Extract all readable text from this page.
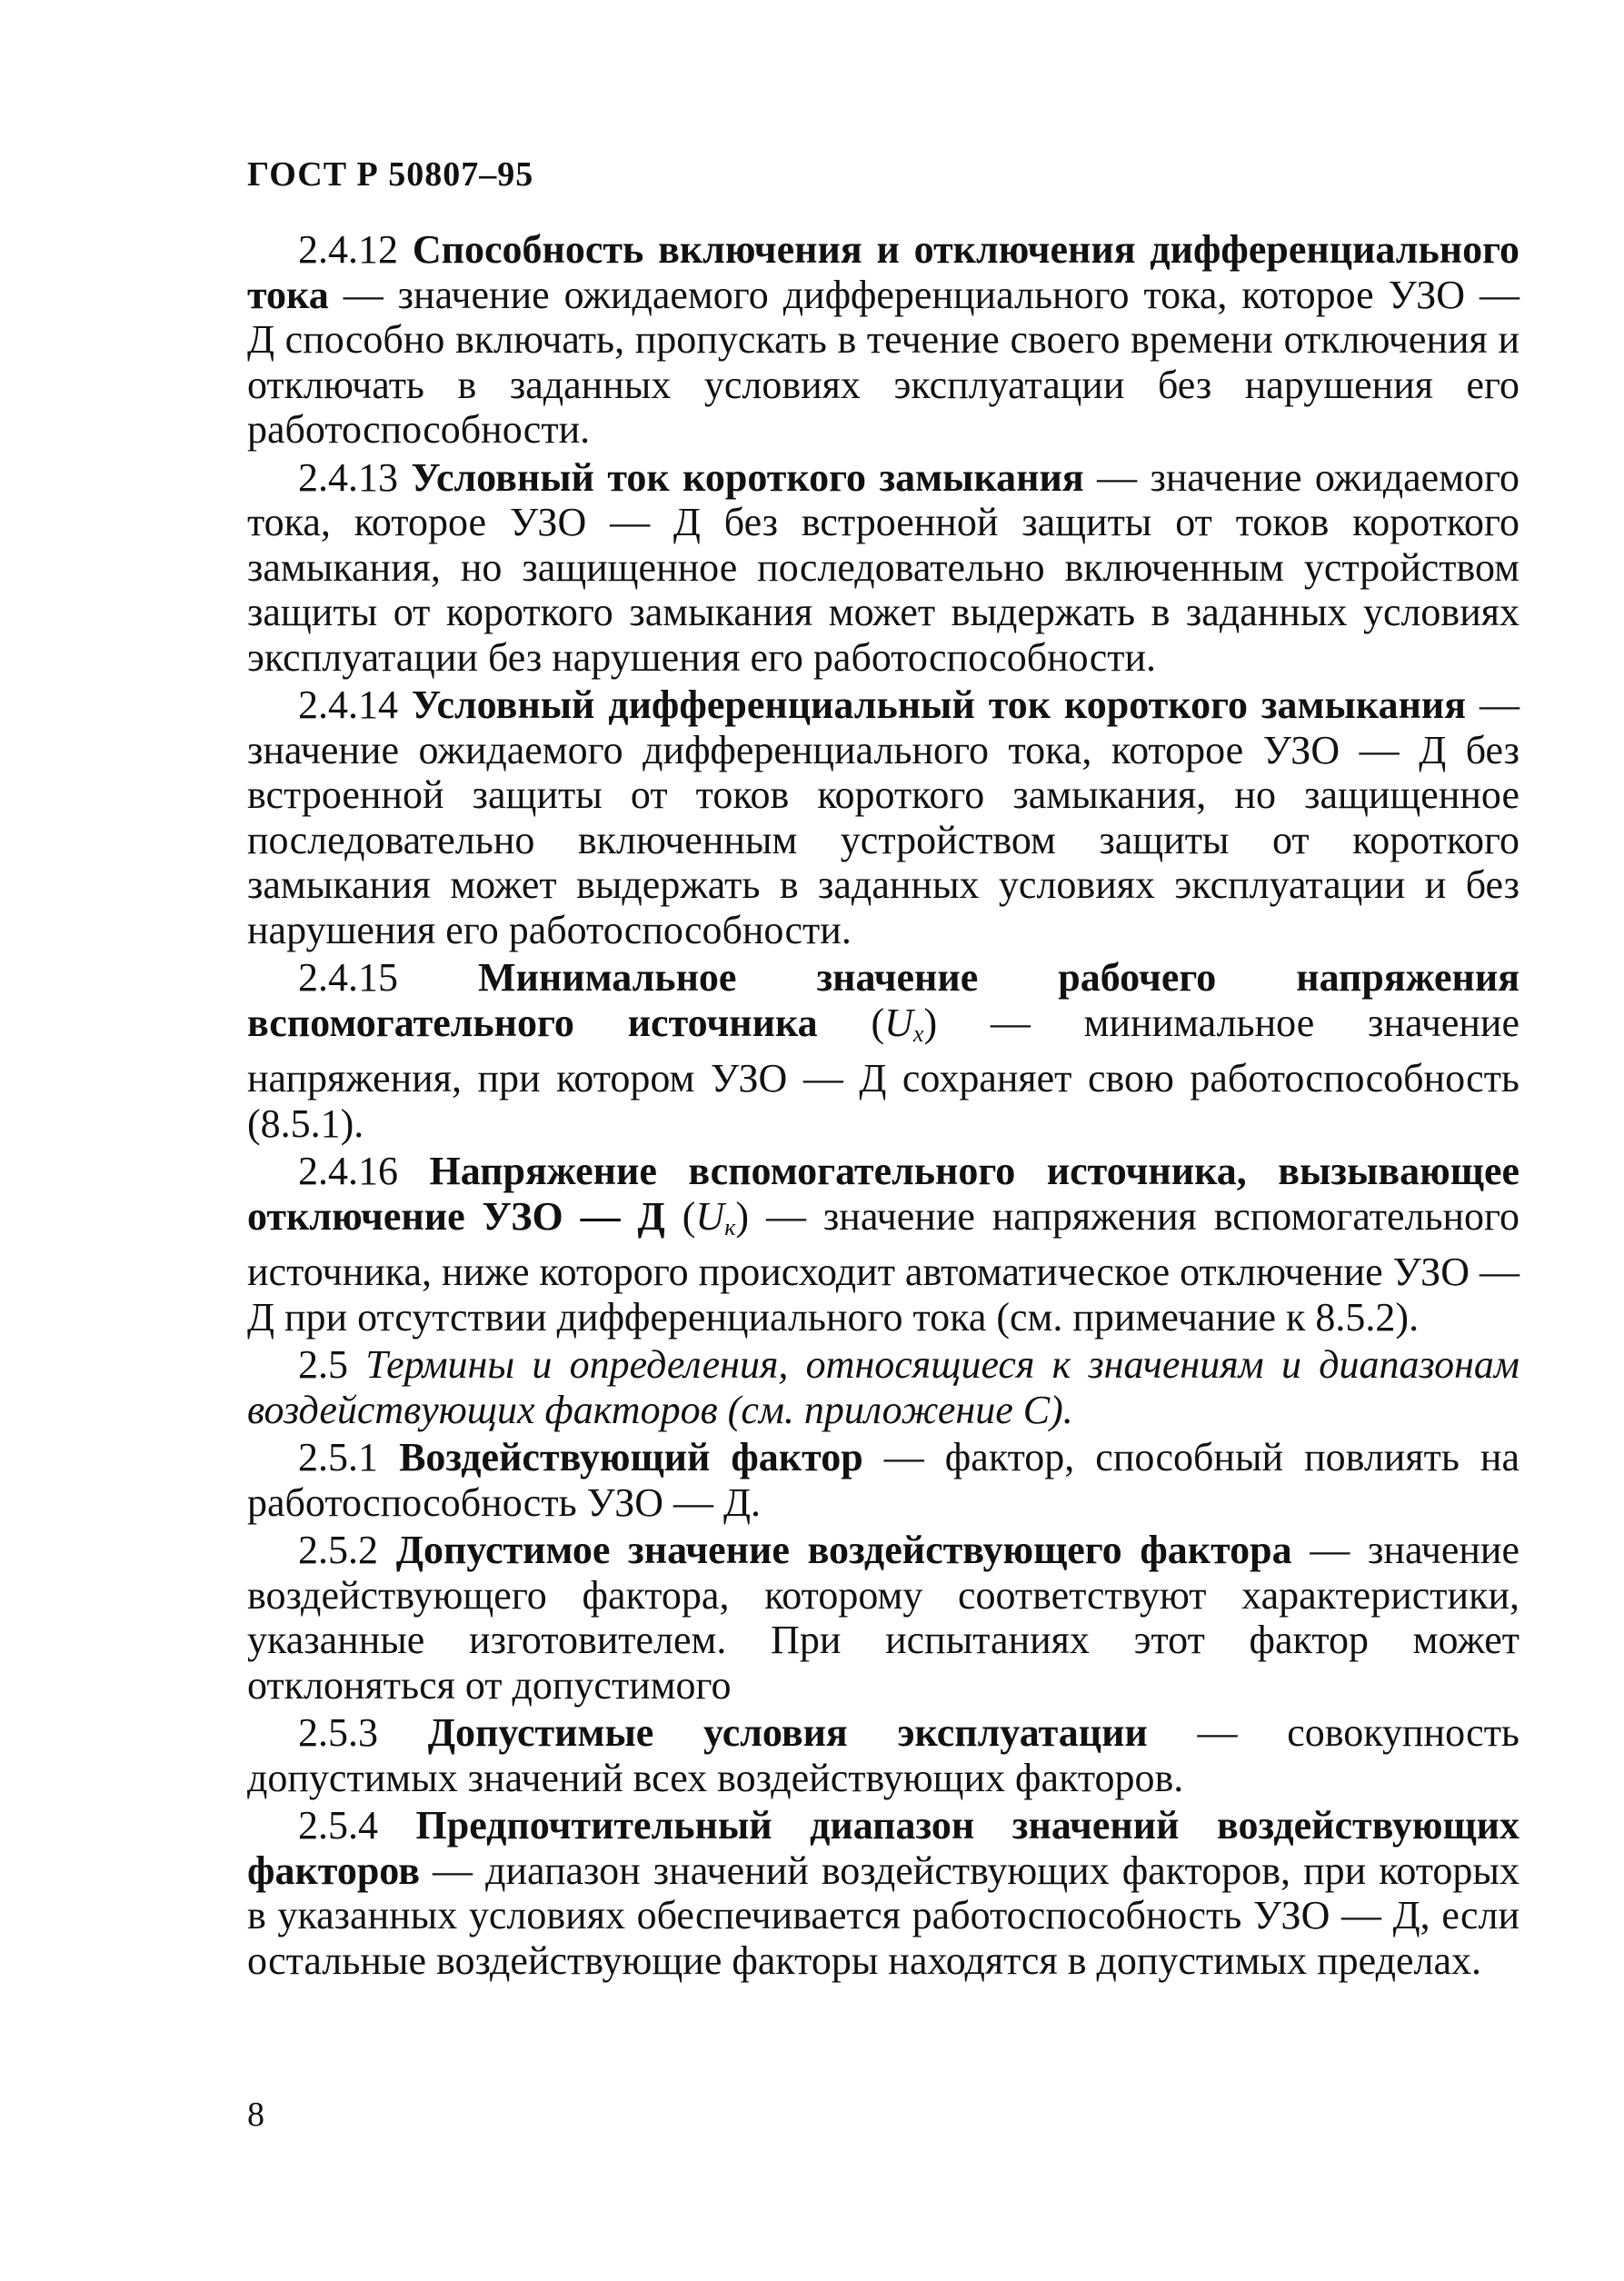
ГОСТ Р 50807–95

2.4.12 Способность включения и отключения дифференциального тока — значение ожидаемого дифференциального тока, которое УЗО — Д способно включать, пропускать в течение своего времени отключения и отключать в заданных условиях эксплуатации без нарушения его работоспособности.

2.4.13 Условный ток короткого замыкания — значение ожидаемого тока, которое УЗО — Д без встроенной защиты от токов короткого замыкания, но защищенное последовательно включенным устройством защиты от короткого замыкания может выдержать в заданных условиях эксплуатации без нарушения его работоспособности.

2.4.14 Условный дифференциальный ток короткого замыкания — значение ожидаемого дифференциального тока, которое УЗО — Д без встроенной защиты от токов короткого замыкания, но защищенное последовательно включенным устройством защиты от короткого замыкания может выдержать в заданных условиях эксплуатации и без нарушения его работоспособности.

2.4.15 Минимальное значение рабочего напряжения вспомогательного источника $(U_x)$ — минимальное значение напряжения, при котором УЗО — Д сохраняет свою работоспособность (8.5.1).

2.4.16 Напряжение вспомогательного источника, вызывающее отключение УЗО — Д $(U_к)$ — значение напряжения вспомогательного источника, ниже которого происходит автоматическое отключение УЗО — Д при отсутствии дифференциального тока (см. примечание к 8.5.2).

2.5 Термины и определения, относящиеся к значениям и диапазонам воздействующих факторов (см. приложение С).

2.5.1 Воздействующий фактор — фактор, способный повлиять на работоспособность УЗО — Д.

2.5.2 Допустимое значение воздействующего фактора — значение воздействующего фактора, которому соответствуют характеристики, указанные изготовителем. При испытаниях этот фактор может отклоняться от допустимого

2.5.3 Допустимые условия эксплуатации — совокупность допустимых значений всех воздействующих факторов.

2.5.4 Предпочтительный диапазон значений воздействующих факторов — диапазон значений воздействующих факторов, при которых в указанных условиях обеспечивается работоспособность УЗО — Д, если остальные воздействующие факторы находятся в допустимых пределах.

8
